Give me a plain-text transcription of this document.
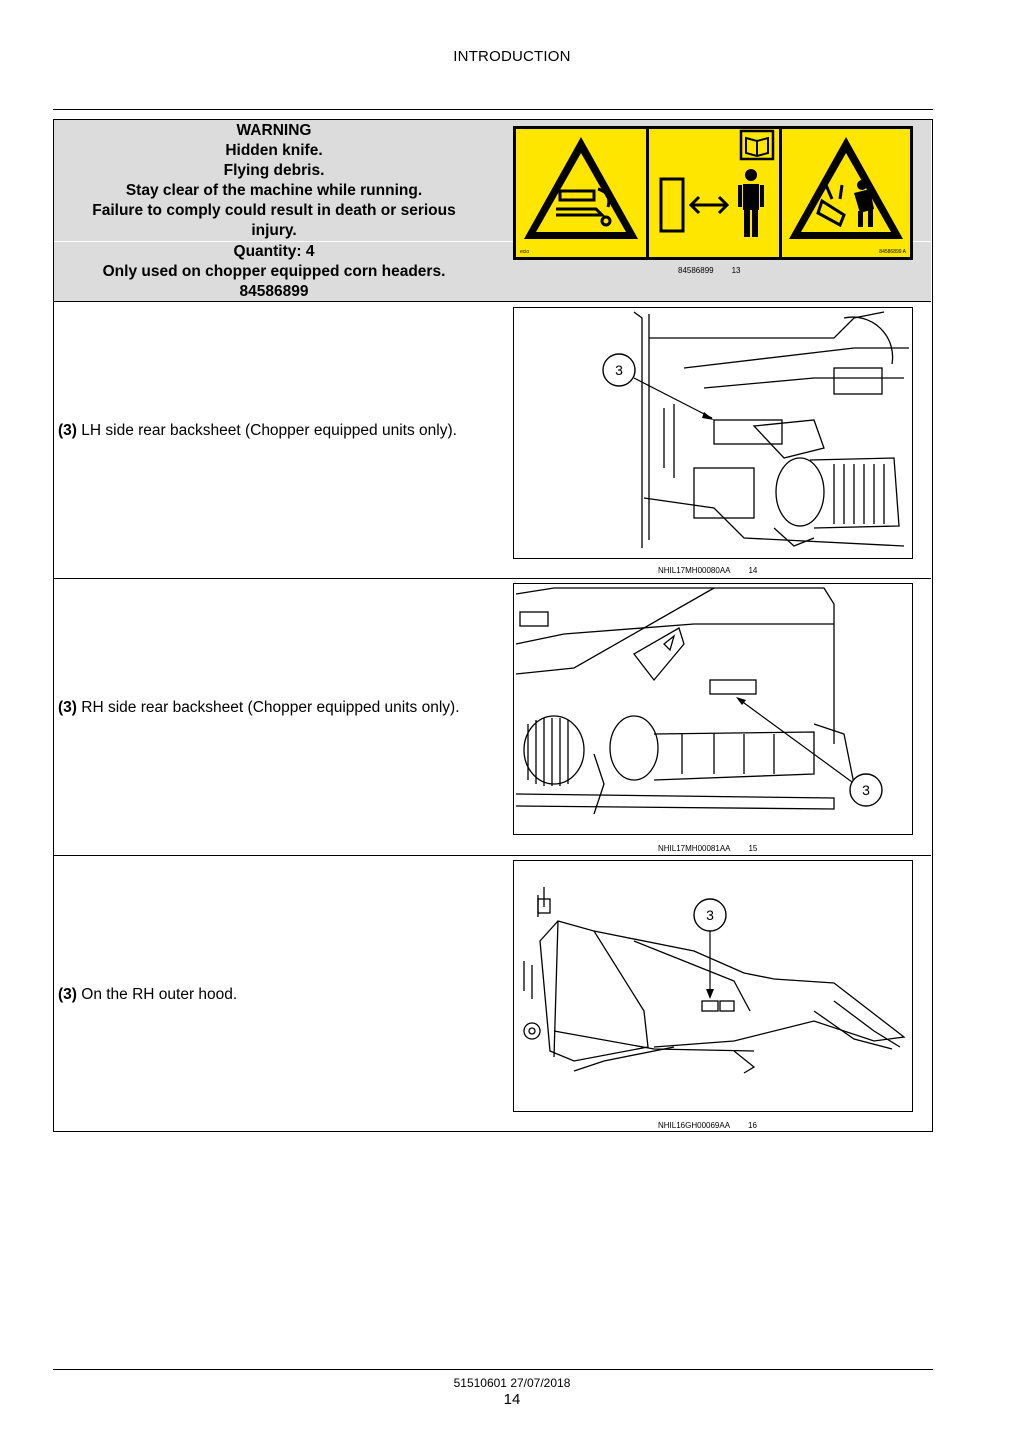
INTRODUCTION
WARNING
Hidden knife.
Flying debris.
Stay clear of the machine while running.
Failure to comply could result in death or serious
injury.
Quantity: 4
Only used on chopper equipped corn headers.
84586899
ecio	84586899 A
84586899 13
(3) LH side rear backsheet (Chopper equipped units only).
3
NHIL17MH00080AA 14
(3) RH side rear backsheet (Chopper equipped units only).
3
NHIL17MH00081AA 15
(3) On the RH outer hood.
3
NHIL16GH00069AA 16
51510601 27/07/2018
14
